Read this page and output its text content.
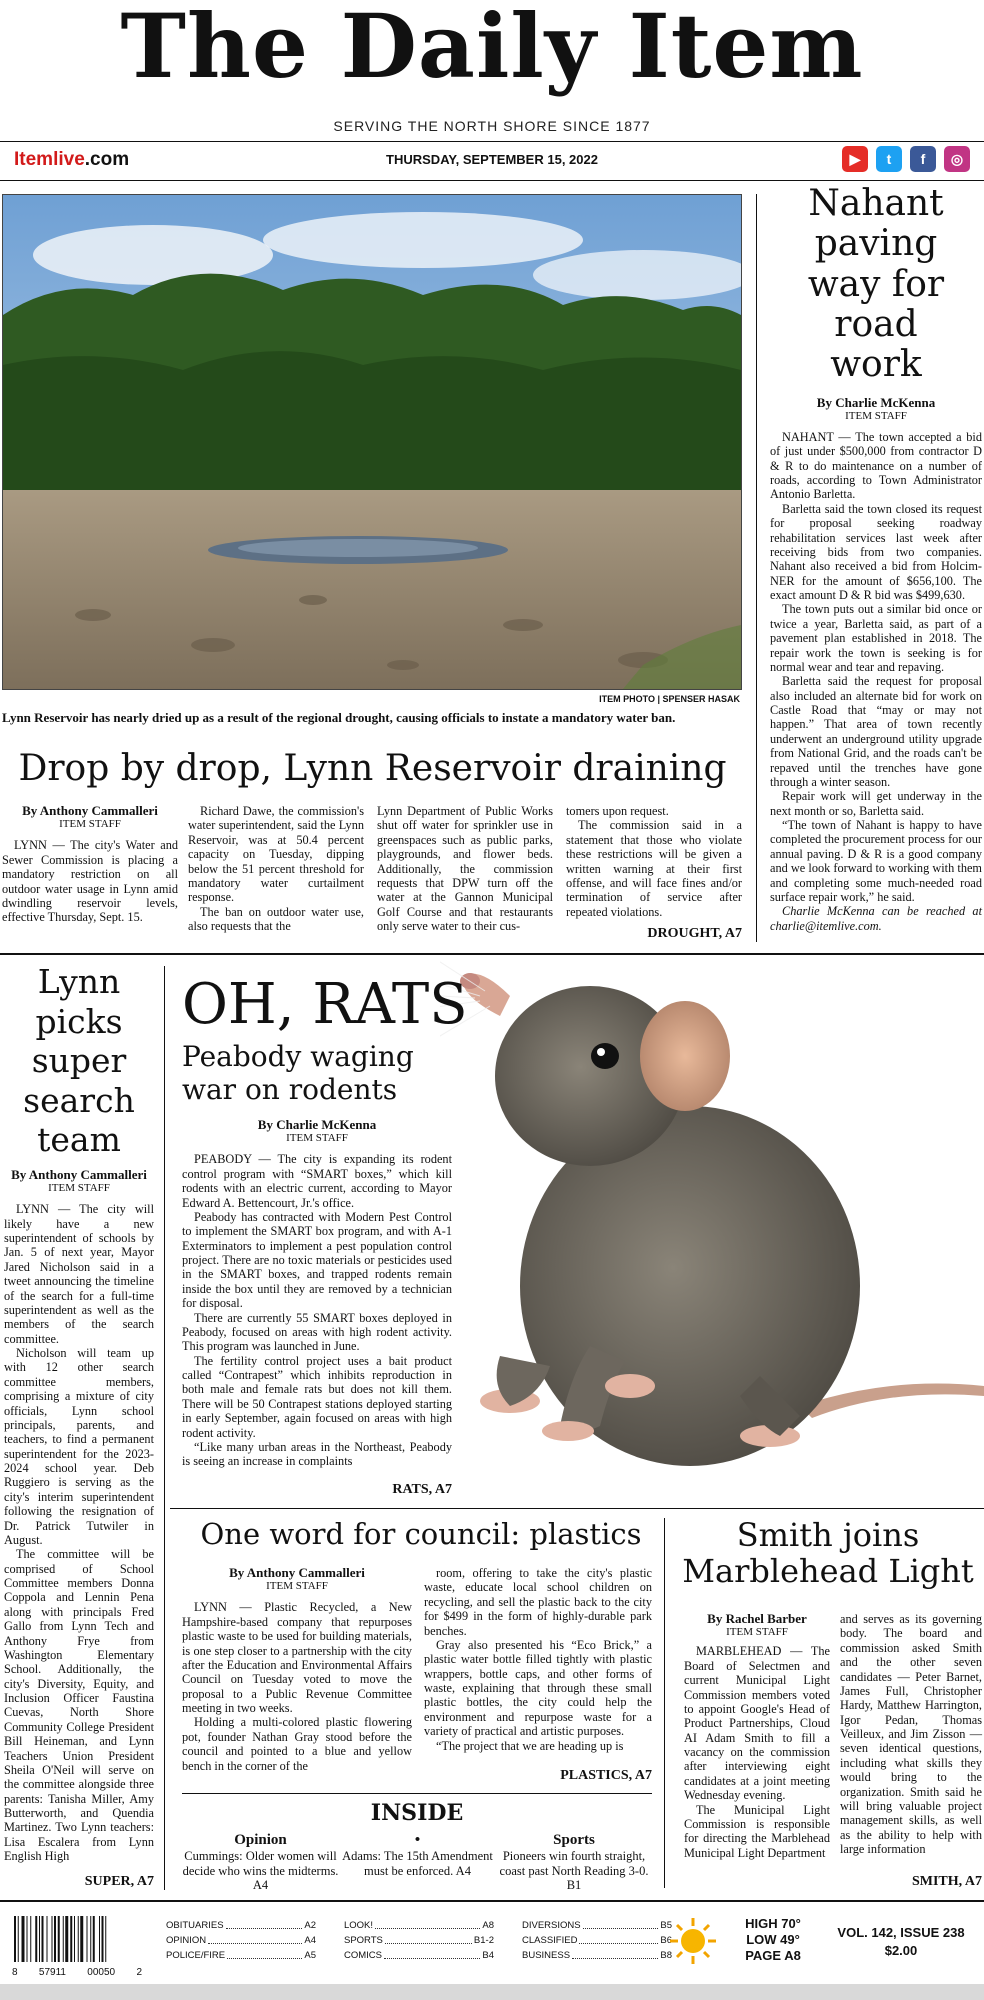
The Daily Item
SERVING THE NORTH SHORE SINCE 1877
Itemlive.com	THURSDAY, SEPTEMBER 15, 2022	▶	t	f	◎
ITEM PHOTO | SPENSER HASAK
Lynn Reservoir has nearly dried up as a result of the regional drought, causing officials to instate a mandatory water ban.
Drop by drop, Lynn Reservoir draining
By Anthony Cammalleri
ITEM STAFF

LYNN — The city's Water and Sewer Commission is placing a mandatory restriction on all outdoor water usage in Lynn amid dwindling reservoir levels, effective Thursday, Sept. 15.

Richard Dawe, the commission's water superintendent, said the Lynn Reservoir, was at 50.4 percent capacity on Tuesday, dipping below the 51 percent threshold for mandatory water curtailment response.

The ban on outdoor water use, also requests that the

Lynn Department of Public Works shut off water for sprinkler use in greenspaces such as public parks, playgrounds, and flower beds. Additionally, the commission requests that DPW turn off the water at the Gannon Municipal Golf Course and that restaurants only serve water to their cus-

tomers upon request.

The commission said in a statement that those who violate these restrictions will be given a written warning at their first offense, and will face fines and/or termination of service after repeated violations.

DROUGHT, A7
Nahant paving way for road work
By Charlie McKenna
ITEM STAFF

NAHANT — The town accepted a bid of just under $500,000 from contractor D & R to do maintenance on a number of roads, according to Town Administrator Antonio Barletta.

Barletta said the town closed its request for proposal seeking roadway rehabilitation services last week after receiving bids from two companies. Nahant also received a bid from Holcim-NER for the amount of $656,100. The exact amount D & R bid was $499,630.

The town puts out a similar bid once or twice a year, Barletta said, as part of a pavement plan established in 2018. The repair work the town is seeking is for normal wear and tear and repaving.

Barletta said the request for proposal also included an alternate bid for work on Castle Road that “may or may not happen.” That area of town recently underwent an underground utility upgrade from National Grid, and the roads can't be repaved until the trenches have gone through a winter season.

Repair work will get underway in the next month or so, Barletta said.

“The town of Nahant is happy to have completed the procurement process for our annual paving. D & R is a good company and we look forward to working with them and completing some much-needed road surface repair work,” he said.

Charlie McKenna can be reached at charlie@itemlive.com.
Lynn picks super search team
By Anthony Cammalleri
ITEM STAFF

LYNN — The city will likely have a new superintendent of schools by Jan. 5 of next year, Mayor Jared Nicholson said in a tweet announcing the timeline of the search for a full-time superintendent as well as the members of the search committee.

Nicholson will team up with 12 other search committee members, comprising a mixture of city officials, Lynn school principals, parents, and teachers, to find a permanent superintendent for the 2023-2024 school year. Deb Ruggiero is serving as the city's interim superintendent following the resignation of Dr. Patrick Tutwiler in August.

The committee will be comprised of School Committee members Donna Coppola and Lennin Pena along with principals Fred Gallo from Lynn Tech and Anthony Frye from Washington Elementary School. Additionally, the city's Diversity, Equity, and Inclusion Officer Faustina Cuevas, North Shore Community College President Bill Heineman, and Lynn Teachers Union President Sheila O'Neil will serve on the committee alongside three parents: Tanisha Miller, Amy Butterworth, and Quendia Martinez. Two Lynn teachers: Lisa Escalera from Lynn English High

SUPER, A7
OH, RATS
Peabody waging war on rodents
By Charlie McKenna
ITEM STAFF

PEABODY — The city is expanding its rodent control program with “SMART boxes,” which kill rodents with an electric current, according to Mayor Edward A. Bettencourt, Jr.'s office.

Peabody has contracted with Modern Pest Control to implement the SMART box program, and with A-1 Exterminators to implement a pest population control project. There are no toxic materials or pesticides used in the SMART boxes, and trapped rodents remain inside the box until they are removed by a technician for disposal.

There are currently 55 SMART boxes deployed in Peabody, focused on areas with high rodent activity. This program was launched in June.

The fertility control project uses a bait product called “Contrapest” which inhibits reproduction in both male and female rats but does not kill them. There will be 50 Contrapest stations deployed starting in early September, again focused on areas with high rodent activity.

“Like many urban areas in the Northeast, Peabody is seeing an increase in complaints

RATS, A7
One word for council: plastics
By Anthony Cammalleri
ITEM STAFF

LYNN — Plastic Recycled, a New Hampshire-based company that repurposes plastic waste to be used for building materials, is one step closer to a partnership with the city after the Education and Environmental Affairs Council on Tuesday voted to move the proposal to a Public Revenue Committee meeting in two weeks.

Holding a multi-colored plastic flowering pot, founder Nathan Gray stood before the council and pointed to a blue and yellow bench in the corner of the

room, offering to take the city's plastic waste, educate local school children on recycling, and sell the plastic back to the city for $499 in the form of highly-durable park benches.

Gray also presented his “Eco Brick,” a plastic water bottle filled tightly with plastic wrappers, bottle caps, and other forms of waste, explaining that through these small plastic bottles, the city could help the environment and repurpose waste for a variety of practical and artistic purposes.

“The project that we are heading up is

PLASTICS, A7
INSIDE
Opinion
Cummings: Older women will decide who wins the midterms. A4
•
Adams: The 15th Amendment must be enforced. A4
Sports
Pioneers win fourth straight, coast past North Reading 3-0. B1
Smith joins Marblehead Light
By Rachel Barber
ITEM STAFF

MARBLEHEAD — The Board of Selectmen and current Municipal Light Commission members voted to appoint Google's Head of Product Partnerships, Cloud AI Adam Smith to fill a vacancy on the commission after interviewing eight candidates at a joint meeting Wednesday evening.

The Municipal Light Commission is responsible for directing the Marblehead Municipal Light Department

and serves as its governing body. The board and commission asked Smith and the other seven candidates — Peter Barnet, James Full, Christopher Hardy, Matthew Harrington, Igor Pedan, Thomas Veilleux, and Jim Zisson — seven identical questions, including what skills they would bring to the organization. Smith said he will bring valuable project management skills, as well as the ability to help with large information

SMITH, A7
8 57911 00050 2
OBITUARIES	A2
OPINION	A4
POLICE/FIRE	A5
LOOK!	A8
SPORTS	B1-2
COMICS	B4
DIVERSIONS	B5
CLASSIFIED	B6
BUSINESS	B8
HIGH 70°
LOW 49°
PAGE A8
VOL. 142, ISSUE 238
$2.00
